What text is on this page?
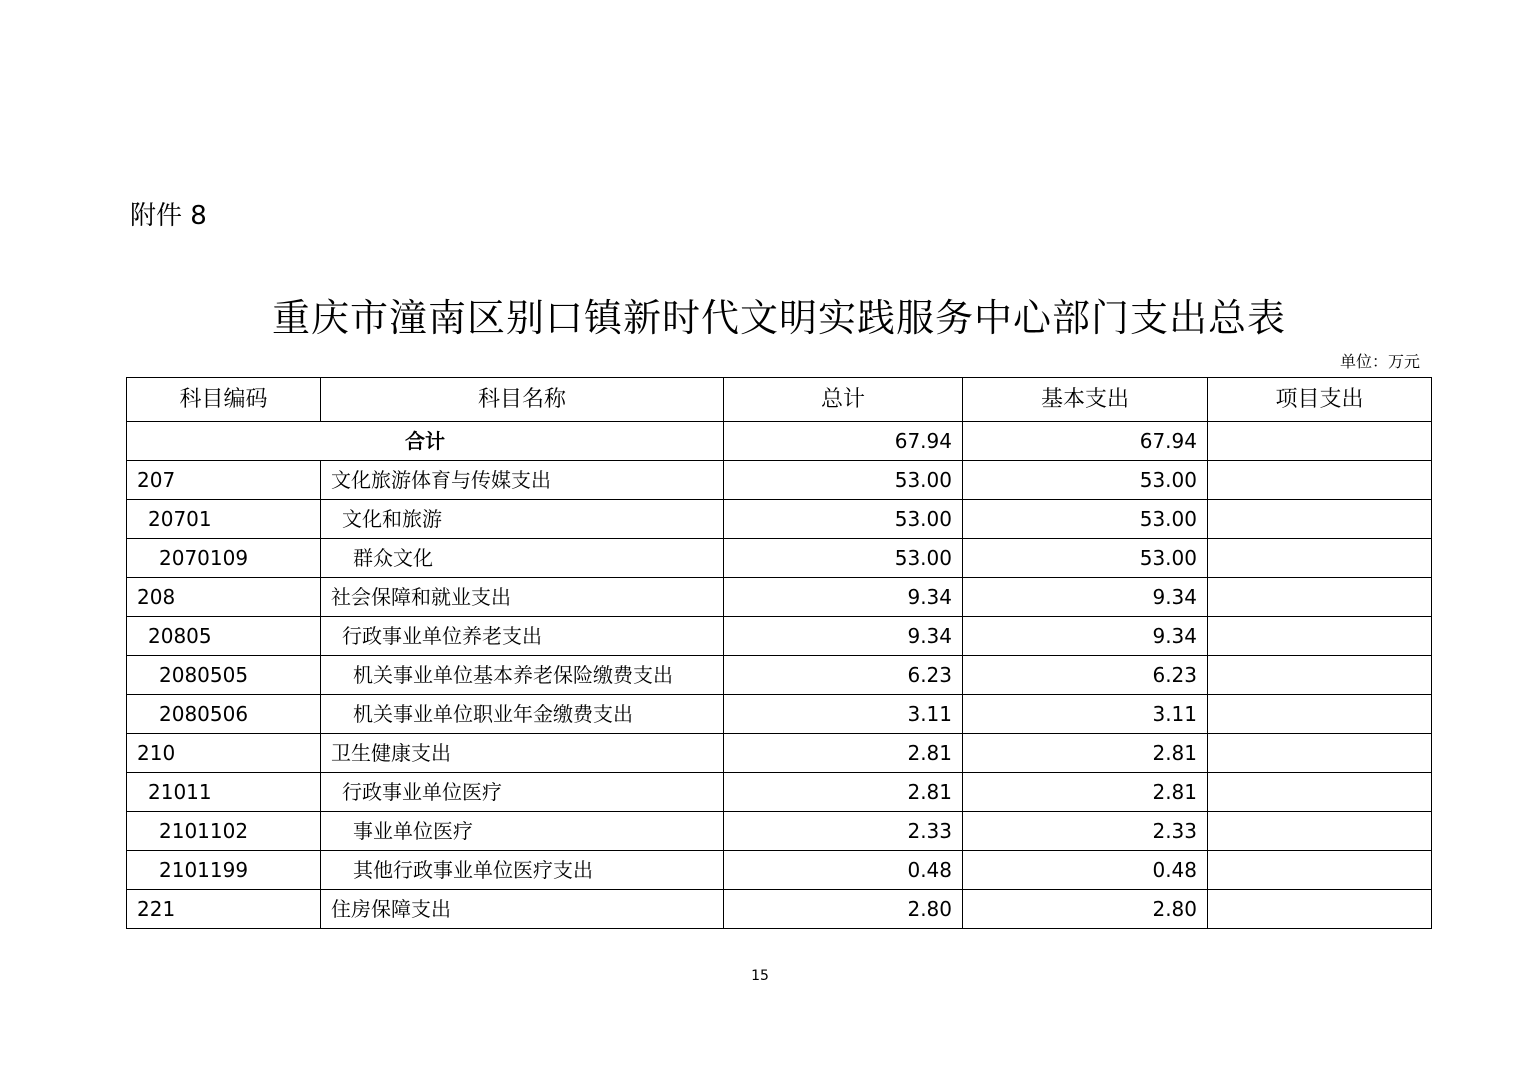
附件 8
重庆市潼南区别口镇新时代文明实践服务中心部门支出总表
单位：万元
科目编码	科目名称	总计	基本支出	项目支出
合计		67.94	67.94	
207	文化旅游体育与传媒支出	53.00	53.00	
20701	文化和旅游	53.00	53.00	
2070109	群众文化	53.00	53.00	
208	社会保障和就业支出	9.34	9.34	
20805	行政事业单位养老支出	9.34	9.34	
2080505	机关事业单位基本养老保险缴费支出	6.23	6.23	
2080506	机关事业单位职业年金缴费支出	3.11	3.11	
210	卫生健康支出	2.81	2.81	
21011	行政事业单位医疗	2.81	2.81	
2101102	事业单位医疗	2.33	2.33	
2101199	其他行政事业单位医疗支出	0.48	0.48	
221	住房保障支出	2.80	2.80	
15
